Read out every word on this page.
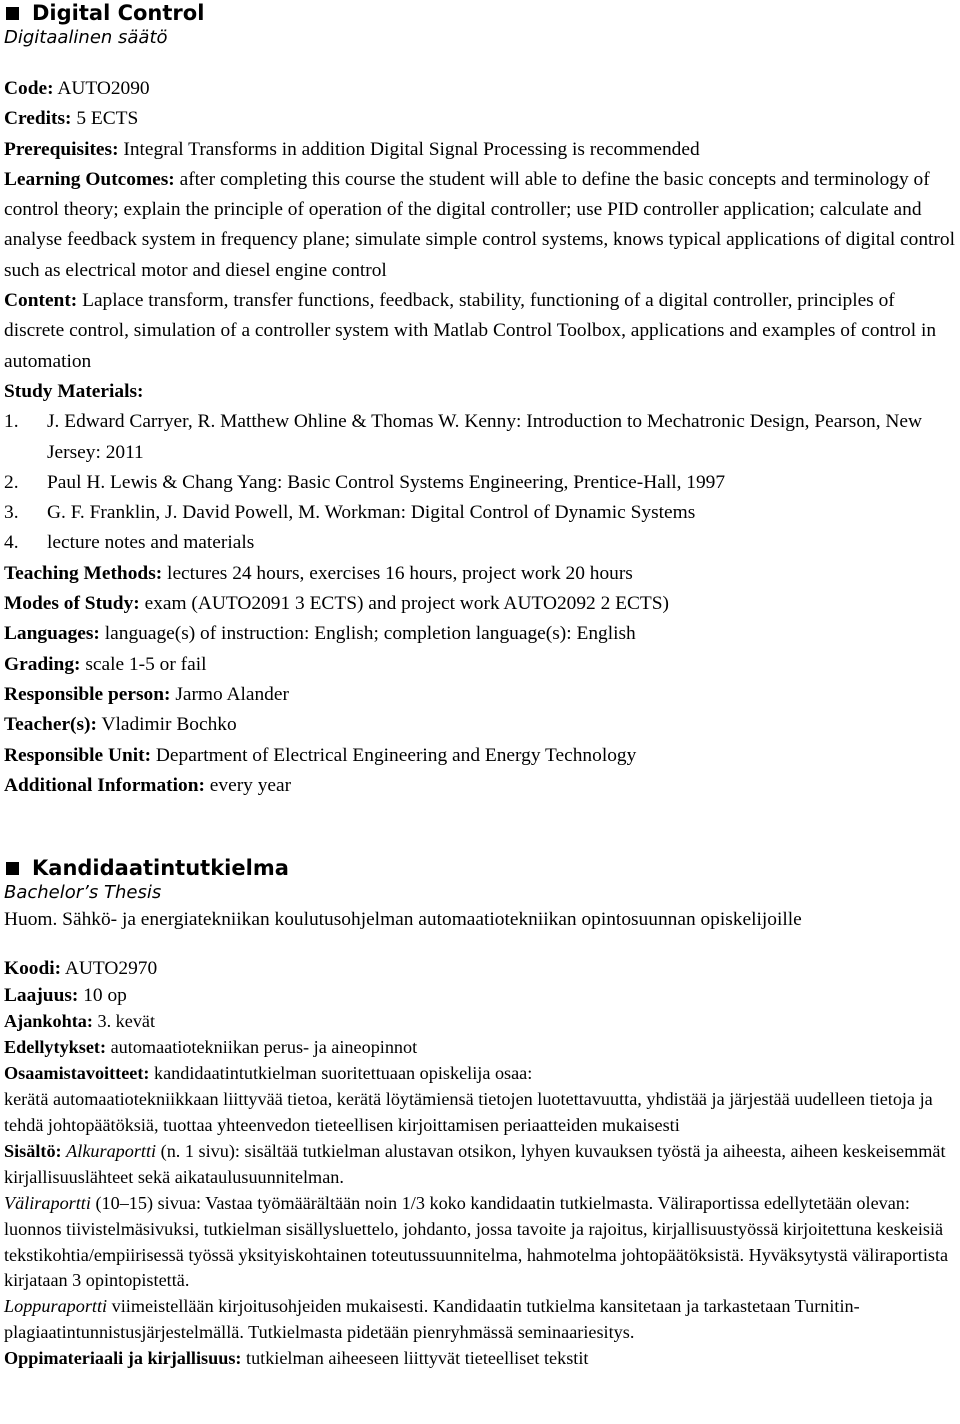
Digital Control
Digitaalinen säätö

Code: AUTO2090

Credits: 5 ECTS

Prerequisites: Integral Transforms in addition Digital Signal Processing is recommended

Learning Outcomes: after completing this course the student will able to define the basic concepts and terminology of control theory; explain the principle of operation of the digital controller; use PID controller application; calculate and analyse feedback system in frequency plane; simulate simple control systems, knows typical applications of digital control such as electrical motor and diesel engine control

Content: Laplace transform, transfer functions, feedback, stability, functioning of a digital controller, principles of discrete control, simulation of a controller system with Matlab Control Toolbox, applications and examples of control in automation

Study Materials:

1.	J. Edward Carryer, R. Matthew Ohline & Thomas W. Kenny: Introduction to Mechatronic Design, Pearson, New Jersey: 2011
2.	Paul H. Lewis & Chang Yang: Basic Control Systems Engineering, Prentice-Hall, 1997
3.	G. F. Franklin, J. David Powell, M. Workman: Digital Control of Dynamic Systems
4.	lecture notes and materials

Teaching Methods: lectures 24 hours, exercises 16 hours, project work 20 hours

Modes of Study: exam (AUTO2091 3 ECTS) and project work AUTO2092 2 ECTS)

Languages: language(s) of instruction: English; completion language(s): English

Grading: scale 1-5 or fail

Responsible person: Jarmo Alander

Teacher(s): Vladimir Bochko

Responsible Unit: Department of Electrical Engineering and Energy Technology

Additional Information: every year

Kandidaatintutkielma
Bachelor’s Thesis

Huom. Sähkö- ja energiatekniikan koulutusohjelman automaatiotekniikan opintosuunnan opiskelijoille

Koodi: AUTO2970

Laajuus: 10 op

Ajankohta: 3. kevät

Edellytykset: automaatiotekniikan perus- ja aineopinnot

Osaamistavoitteet: kandidaatintutkielman suoritettuaan opiskelija osaa:

kerätä automaatiotekniikkaan liittyvää tietoa, kerätä löytämiensä tietojen luotettavuutta, yhdistää ja järjestää uudelleen tietoja ja tehdä johtopäätöksiä, tuottaa yhteenvedon tieteellisen kirjoittamisen periaatteiden mukaisesti

Sisältö: Alkuraportti (n. 1 sivu): sisältää tutkielman alustavan otsikon, lyhyen kuvauksen työstä ja aiheesta, aiheen keskeisemmät kirjallisuuslähteet sekä aikataulusuunnitelman.

Väliraportti (10–15) sivua: Vastaa työmäärältään noin 1/3 koko kandidaatin tutkielmasta. Väliraportissa edellytetään olevan: luonnos tiivistelmäsivuksi, tutkielman sisällysluettelo, johdanto, jossa tavoite ja rajoitus, kirjallisuustyössä kirjoitettuna keskeisiä tekstikohtia/empiirisessä työssä yksityiskohtainen toteutussuunnitelma, hahmotelma johtopäätöksistä. Hyväksytystä väliraportista kirjataan 3 opintopistettä.

Loppuraportti viimeistellään kirjoitusohjeiden mukaisesti. Kandidaatin tutkielma kansitetaan ja tarkastetaan Turnitin-plagiaatintunnistusjärjestelmällä. Tutkielmasta pidetään pienryhmässä seminaariesitys.

Oppimateriaali ja kirjallisuus: tutkielman aiheeseen liittyvät tieteelliset tekstit
